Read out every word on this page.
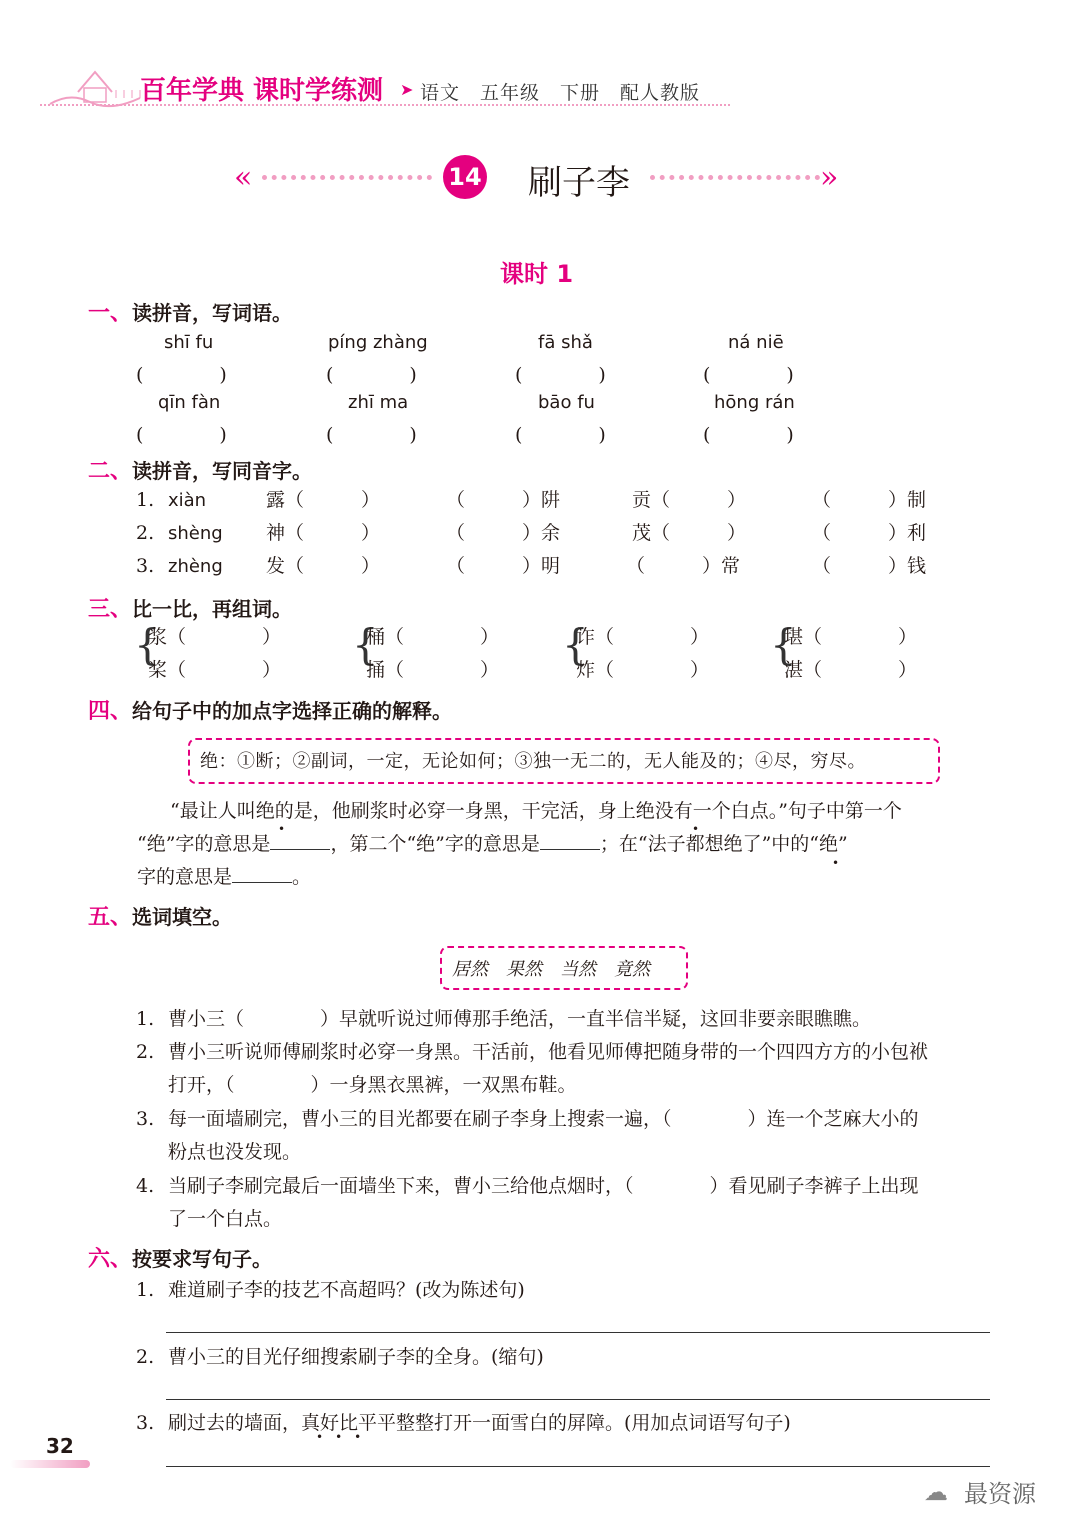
百年学典 课时学练测 ➤ 语文　五年级　下册　配人教版
«	14 刷子李	»
课时 1
一、读拼音，写词语。
shī fu	píng zhàng	fā shǎ	ná niē
(　　　　)	(　　　　)	(　　　　)	(　　　　)
qīn fàn	zhī ma	bāo fu	hōng rán
(　　　　)	(　　　　)	(　　　　)	(　　　　)
二、读拼音，写同音字。
1. xiàn	露（　　　）	（　　　）阱	贡（　　　）	（　　　）制
2. shèng 神（　　　）	（　　　）余	茂（　　　）	（　　　）利
3. zhèng 发（　　　）	（　　　）明	（　　　）常	（　　　）钱
三、比一比，再组词。
{
浆（　　　　）
桨（　　　　）
{
桶（　　　　）
捅（　　　　）
{
诈（　　　　）
炸（　　　　）
{
堪（　　　　）
湛（　　　　）
四、给句子中的加点字选择正确的解释。
绝：①断；②副词，一定，无论如何；③独一无二的，无人能及的；④尽，穷尽。
“最让人叫绝的是，他刷浆时必穿一身黑，干完活，身上绝没有一个白点。”句子中第一个
“绝”字的意思是	，第二个“绝”字的意思是	；在“法子都想绝了”中的“绝”
字的意思是	。
•	•
•
五、选词填空。
居然　果然　当然　竟然
1. 曹小三（　　　　）早就听说过师傅那手绝活，一直半信半疑，这回非要亲眼瞧瞧。
2. 曹小三听说师傅刷浆时必穿一身黑。干活前，他看见师傅把随身带的一个四四方方的小包袱
打开，（　　　　）一身黑衣黑裤，一双黑布鞋。
3. 每一面墙刷完，曹小三的目光都要在刷子李身上搜索一遍，（　　　　）连一个芝麻大小的
粉点也没发现。
4. 当刷子李刷完最后一面墙坐下来，曹小三给他点烟时，（　　　　）看见刷子李裤子上出现
了一个白点。
六、按要求写句子。
1. 难道刷子李的技艺不高超吗？(改为陈述句)
2. 曹小三的目光仔细搜索刷子李的全身。(缩句)
3. 刷过去的墙面，真好比平平整整打开一面雪白的屏障。(用加点词语写句子)
•••
32
☁ 最资源
